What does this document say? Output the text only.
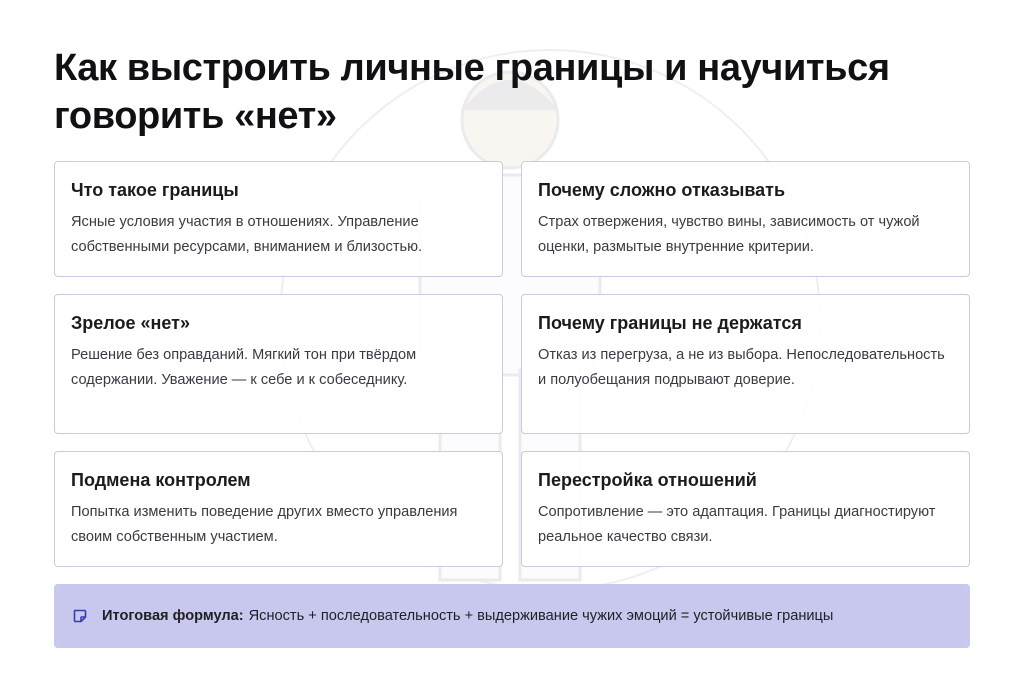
Как выстроить личные границы и научиться говорить «нет»
Что такое границы

Ясные условия участия в отношениях. Управление собственными ресурсами, вниманием и близостью.

Почему сложно отказывать

Страх отвержения, чувство вины, зависимость от чужой оценки, размытые внутренние критерии.

Зрелое «нет»

Решение без оправданий. Мягкий тон при твёрдом содержании. Уважение — к себе и к собеседнику.

Почему границы не держатся

Отказ из перегруза, а не из выбора. Непоследовательность и полуобещания подрывают доверие.

Подмена контролем

Попытка изменить поведение других вместо управления своим собственным участием.

Перестройка отношений

Сопротивление — это адаптация. Границы диагностируют реальное качество связи.

Итоговая формула: Ясность + последовательность + выдерживание чужих эмоций = устойчивые границы
